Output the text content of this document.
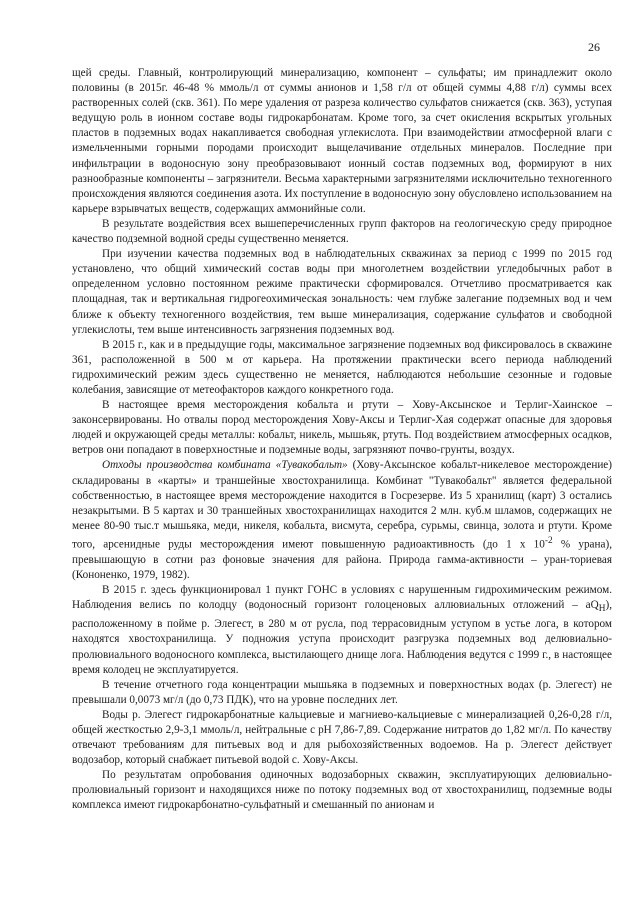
26

щей среды. Главный, контролирующий минерализацию, компонент – сульфаты; им принадлежит около половины (в 2015г. 46-48 % ммоль/л от суммы анионов и 1,58 г/л от общей суммы 4,88 г/л) суммы всех растворенных солей (скв. 361). По мере удаления от разреза количество сульфатов снижается (скв. 363), уступая ведущую роль в ионном составе воды гидрокарбонатам. Кроме того, за счет окисления вскрытых угольных пластов в подземных водах накапливается свободная углекислота. При взаимодействии атмосферной влаги с измельченными горными породами происходит выщелачивание отдельных минералов. Последние при инфильтрации в водоносную зону преобразовывают ионный состав подземных вод, формируют в них разнообразные компоненты – загрязнители. Весьма характерными загрязнителями исключительно техногенного происхождения являются соединения азота. Их поступление в водоносную зону обусловлено использованием на карьере взрывчатых веществ, содержащих аммонийные соли.

В результате воздействия всех вышеперечисленных групп факторов на геологическую среду природное качество подземной водной среды существенно меняется.

При изучении качества подземных вод в наблюдательных скважинах за период с 1999 по 2015 год установлено, что общий химический состав воды при многолетнем воздействии угледобычных работ в определенном условно постоянном режиме практически сформировался. Отчетливо просматривается как площадная, так и вертикальная гидрогеохимическая зональность: чем глубже залегание подземных вод и чем ближе к объекту техногенного воздействия, тем выше минерализация, содержание сульфатов и свободной углекислоты, тем выше интенсивность загрязнения подземных вод.

В 2015 г., как и в предыдущие годы, максимальное загрязнение подземных вод фиксировалось в скважине 361, расположенной в 500 м от карьера. На протяжении практически всего периода наблюдений гидрохимический режим здесь существенно не меняется, наблюдаются небольшие сезонные и годовые колебания, зависящие от метеофакторов каждого конкретного года.

В настоящее время месторождения кобальта и ртути – Хову-Аксынское и Терлиг-Хаинское – законсервированы. Но отвалы пород месторождения Хову-Аксы и Терлиг-Хая содержат опасные для здоровья людей и окружающей среды металлы: кобальт, никель, мышьяк, ртуть. Под воздействием атмосферных осадков, ветров они попадают в поверхностные и подземные воды, загрязняют почво-грунты, воздух.

Отходы производства комбината «Тувакобальт» (Хову-Аксынское кобальт-никелевое месторождение) складированы в «карты» и траншейные хвостохранилища. Комбинат "Тувакобальт" является федеральной собственностью, в настоящее время месторождение находится в Госрезерве. Из 5 хранилищ (карт) 3 остались незакрытыми. В 5 картах и 30 траншейных хвостохранилищах находится 2 млн. куб.м шламов, содержащих не менее 80-90 тыс.т мышьяка, меди, никеля, кобальта, висмута, серебра, сурьмы, свинца, золота и ртути. Кроме того, арсенидные руды месторождения имеют повышенную радиоактивность (до 1 x $10^{-2}$ % урана), превышающую в сотни раз фоновые значения для района. Природа гамма-активности – уран-ториевая (Кононенко, 1979, 1982).

В 2015 г. здесь функционировал 1 пункт ГОНС в условиях с нарушенным гидрохимическим режимом. Наблюдения велись по колодцу (водоносный горизонт голоценовых аллювиальных отложений – $aQ_H$), расположенному в пойме р. Элегест, в 280 м от русла, под террасовидным уступом в устье лога, в котором находятся хвостохранилища. У подножия уступа происходит разгрузка подземных вод делювиально-пролювиального водоносного комплекса, выстилающего днище лога. Наблюдения ведутся с 1999 г., в настоящее время колодец не эксплуатируется.

В течение отчетного года концентрации мышьяка в подземных и поверхностных водах (р. Элегест) не превышали 0,0073 мг/л (до 0,73 ПДК), что на уровне последних лет.

Воды р. Элегест гидрокарбонатные кальциевые и магниево-кальциевые с минерализацией 0,26-0,28 г/л, общей жесткостью 2,9-3,1 ммоль/л, нейтральные с pH 7,86-7,89. Содержание нитратов до 1,82 мг/л. По качеству отвечают требованиям для питьевых вод и для рыбохозяйственных водоемов. На р. Элегест действует водозабор, который снабжает питьевой водой с. Хову-Аксы.

По результатам опробования одиночных водозаборных скважин, эксплуатирующих делювиально-пролювиальный горизонт и находящихся ниже по потоку подземных вод от хвостохранилищ, подземные воды комплекса имеют гидрокарбонатно-сульфатный и смешанный по анионам и
